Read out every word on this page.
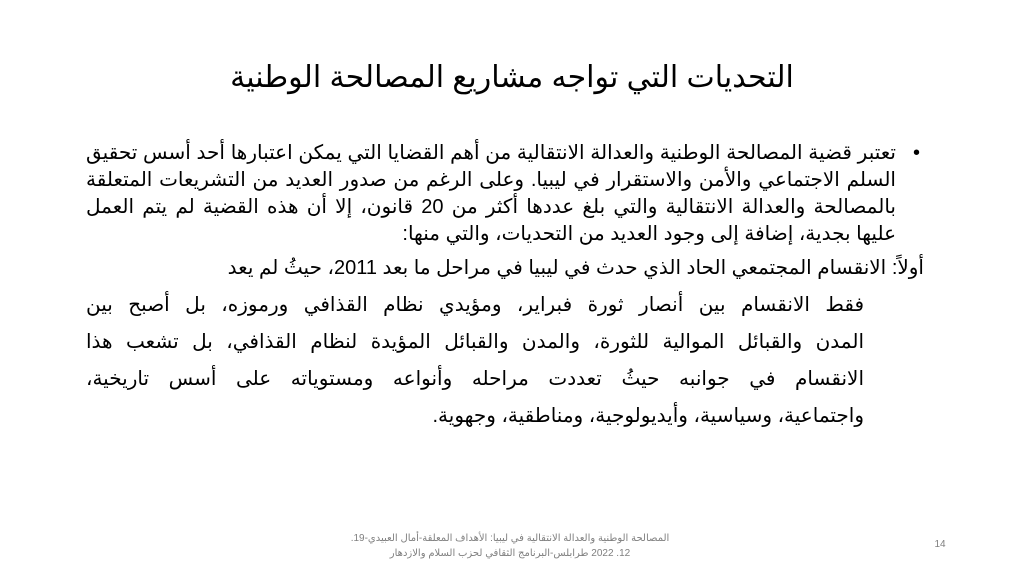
التحديات التي تواجه مشاريع المصالحة الوطنية

•
تعتبر قضية المصالحة الوطنية والعدالة الانتقالية من أهم القضايا التي يمكن اعتبارها أحد أسس تحقيق السلم الاجتماعي والأمن والاستقرار في ليبيا. وعلى الرغم من صدور العديد من التشريعات المتعلقة بالمصالحة والعدالة الانتقالية والتي بلغ عددها أكثر من 20 قانون، إلا أن هذه القضية لم يتم العمل عليها بجدية، إضافة إلى وجود العديد من التحديات، والتي منها:

أولاً: الانقسام المجتمعي الحاد الذي حدث في ليبيا في مراحل ما بعد 2011، حيثُ لم يعد

فقط الانقسام بين أنصار ثورة فبراير، ومؤيدي نظام القذافي ورموزه، بل أصبح بين
المدن والقبائل الموالية للثورة، والمدن والقبائل المؤيدة لنظام القذافي، بل تشعب هذا
الانقسام في جوانبه حيثُ تعددت مراحله وأنواعه ومستوياته على أسس تاريخية،
واجتماعية، وسياسية، وأيديولوجية، ومناطقية، وجهوية.
المصالحة الوطنية والعدالة الانتقالية في ليبيا: الأهداف المعلقة-أمال العبيدي-19.
12. 2022 طرابلس-البرنامج الثقافي لحزب السلام والازدهار
14
